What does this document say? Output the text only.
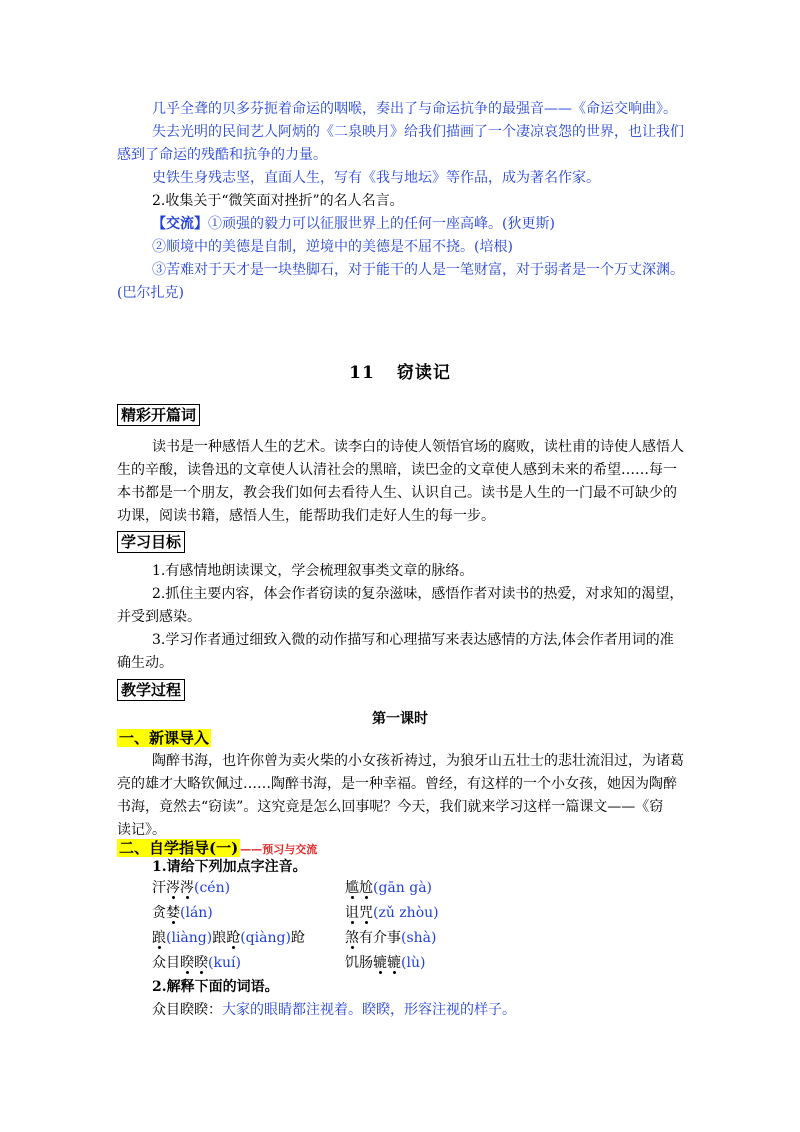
几乎全聋的贝多芬扼着命运的咽喉，奏出了与命运抗争的最强音——《命运交响曲》。
失去光明的民间艺人阿炳的《二泉映月》给我们描画了一个凄凉哀怨的世界，也让我们
感到了命运的残酷和抗争的力量。
史铁生身残志坚，直面人生，写有《我与地坛》等作品，成为著名作家。
2.收集关于“微笑面对挫折”的名人名言。
【交流】①顽强的毅力可以征服世界上的任何一座高峰。(狄更斯)
②顺境中的美德是自制，逆境中的美德是不屈不挠。(培根)
③苦难对于天才是一块垫脚石，对于能干的人是一笔财富，对于弱者是一个万丈深渊。
(巴尔扎克)
11 窃读记
精彩开篇词
读书是一种感悟人生的艺术。读李白的诗使人领悟官场的腐败，读杜甫的诗使人感悟人
生的辛酸，读鲁迅的文章使人认清社会的黑暗，读巴金的文章使人感到未来的希望……每一
本书都是一个朋友，教会我们如何去看待人生、认识自己。读书是人生的一门最不可缺少的
功课，阅读书籍，感悟人生，能帮助我们走好人生的每一步。
学习目标
1.有感情地朗读课文，学会梳理叙事类文章的脉络。
2.抓住主要内容，体会作者窃读的复杂滋味，感悟作者对读书的热爱，对求知的渴望，
并受到感染。
3.学习作者通过细致入微的动作描写和心理描写来表达感情的方法,体会作者用词的准
确生动。
教学过程
第一课时
一、新课导入
陶醉书海，也许你曾为卖火柴的小女孩祈祷过，为狼牙山五壮士的悲壮流泪过，为诸葛
亮的雄才大略钦佩过……陶醉书海，是一种幸福。曾经，有这样的一个小女孩，她因为陶醉
书海，竟然去“窃读”。这究竟是怎么回事呢？今天，我们就来学习这样一篇课文——《窃
读记》。
二、自学指导(一) ——预习与交流
1.请给下列加点字注音。
汗涔涔(cén)	尴尬(gān gà)
贪婪(lán)	诅咒(zǔ zhòu)
踉(liàng)踉跄(qiàng)跄	煞有介事(shà)
众目睽睽(kuí)	饥肠辘辘(lù)
2.解释下面的词语。
众目睽睽：大家的眼睛都注视着。睽睽，形容注视的样子。
